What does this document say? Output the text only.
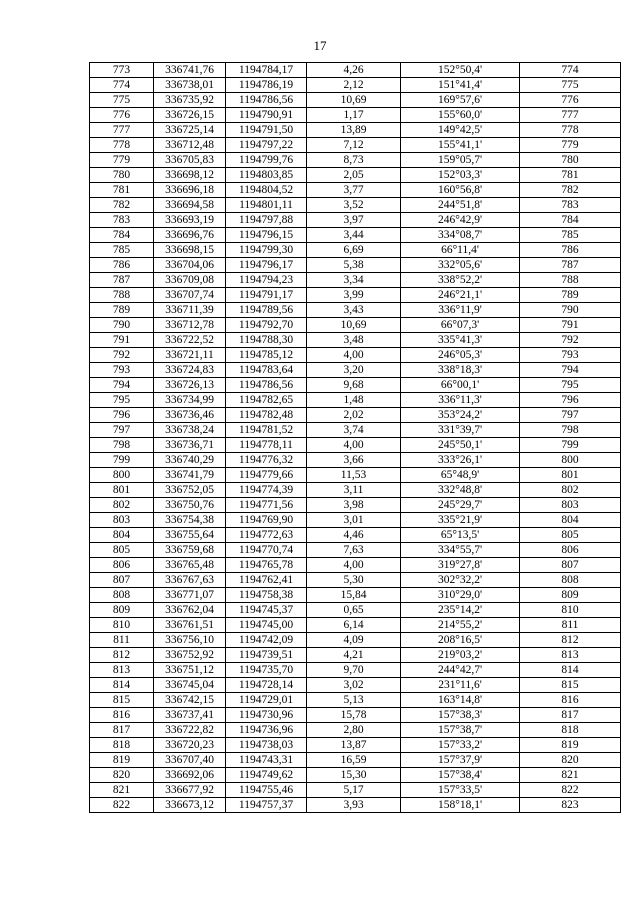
17
773	336741,76	1194784,17	4,26	152°50,4'	774
774	336738,01	1194786,19	2,12	151°41,4'	775
775	336735,92	1194786,56	10,69	169°57,6'	776
776	336726,15	1194790,91	1,17	155°60,0'	777
777	336725,14	1194791,50	13,89	149°42,5'	778
778	336712,48	1194797,22	7,12	155°41,1'	779
779	336705,83	1194799,76	8,73	159°05,7'	780
780	336698,12	1194803,85	2,05	152°03,3'	781
781	336696,18	1194804,52	3,77	160°56,8'	782
782	336694,58	1194801,11	3,52	244°51,8'	783
783	336693,19	1194797,88	3,97	246°42,9'	784
784	336696,76	1194796,15	3,44	334°08,7'	785
785	336698,15	1194799,30	6,69	66°11,4'	786
786	336704,06	1194796,17	5,38	332°05,6'	787
787	336709,08	1194794,23	3,34	338°52,2'	788
788	336707,74	1194791,17	3,99	246°21,1'	789
789	336711,39	1194789,56	3,43	336°11,9'	790
790	336712,78	1194792,70	10,69	66°07,3'	791
791	336722,52	1194788,30	3,48	335°41,3'	792
792	336721,11	1194785,12	4,00	246°05,3'	793
793	336724,83	1194783,64	3,20	338°18,3'	794
794	336726,13	1194786,56	9,68	66°00,1'	795
795	336734,99	1194782,65	1,48	336°11,3'	796
796	336736,46	1194782,48	2,02	353°24,2'	797
797	336738,24	1194781,52	3,74	331°39,7'	798
798	336736,71	1194778,11	4,00	245°50,1'	799
799	336740,29	1194776,32	3,66	333°26,1'	800
800	336741,79	1194779,66	11,53	65°48,9'	801
801	336752,05	1194774,39	3,11	332°48,8'	802
802	336750,76	1194771,56	3,98	245°29,7'	803
803	336754,38	1194769,90	3,01	335°21,9'	804
804	336755,64	1194772,63	4,46	65°13,5'	805
805	336759,68	1194770,74	7,63	334°55,7'	806
806	336765,48	1194765,78	4,00	319°27,8'	807
807	336767,63	1194762,41	5,30	302°32,2'	808
808	336771,07	1194758,38	15,84	310°29,0'	809
809	336762,04	1194745,37	0,65	235°14,2'	810
810	336761,51	1194745,00	6,14	214°55,2'	811
811	336756,10	1194742,09	4,09	208°16,5'	812
812	336752,92	1194739,51	4,21	219°03,2'	813
813	336751,12	1194735,70	9,70	244°42,7'	814
814	336745,04	1194728,14	3,02	231°11,6'	815
815	336742,15	1194729,01	5,13	163°14,8'	816
816	336737,41	1194730,96	15,78	157°38,3'	817
817	336722,82	1194736,96	2,80	157°38,7'	818
818	336720,23	1194738,03	13,87	157°33,2'	819
819	336707,40	1194743,31	16,59	157°37,9'	820
820	336692,06	1194749,62	15,30	157°38,4'	821
821	336677,92	1194755,46	5,17	157°33,5'	822
822	336673,12	1194757,37	3,93	158°18,1'	823
